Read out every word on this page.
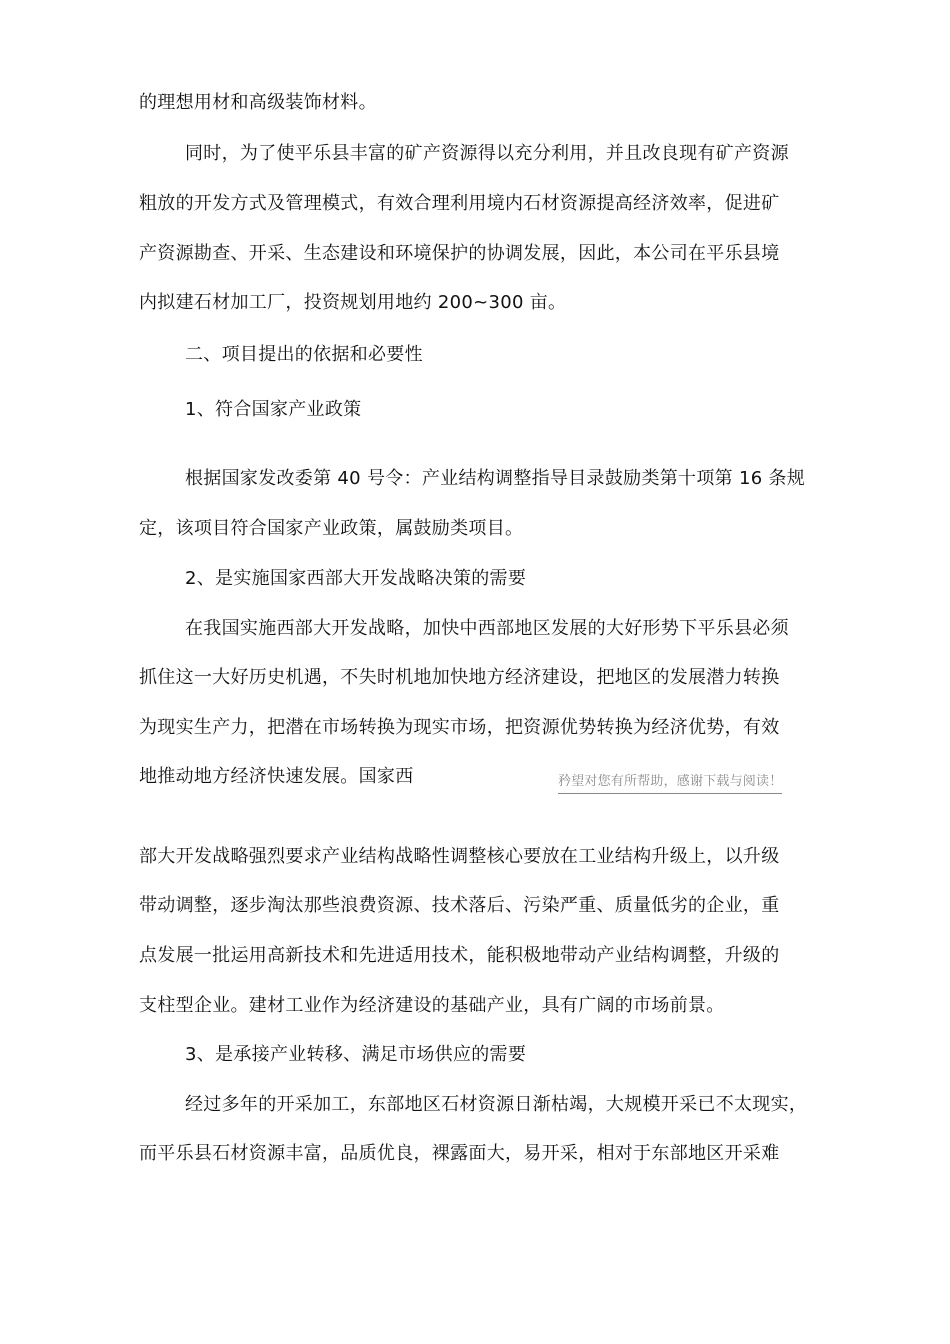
的理想用材和高级装饰材料。
同时，为了使平乐县丰富的矿产资源得以充分利用，并且改良现有矿产资源
粗放的开发方式及管理模式，有效合理利用境内石材资源提高经济效率，促进矿
产资源勘查、开采、生态建设和环境保护的协调发展，因此，本公司在平乐县境
内拟建石材加工厂，投资规划用地约 200~300 亩。
二、项目提出的依据和必要性
1、符合国家产业政策
根据国家发改委第 40 号令：产业结构调整指导目录鼓励类第十项第 16 条规
定，该项目符合国家产业政策，属鼓励类项目。
2、是实施国家西部大开发战略决策的需要
在我国实施西部大开发战略，加快中西部地区发展的大好形势下平乐县必须
抓住这一大好历史机遇，不失时机地加快地方经济建设，把地区的发展潜力转换
为现实生产力，把潜在市场转换为现实市场，把资源优势转换为经济优势，有效
地推动地方经济快速发展。国家西	矜望对您有所帮助，感谢下载与阅读！
部大开发战略强烈要求产业结构战略性调整核心要放在工业结构升级上，以升级
带动调整，逐步淘汰那些浪费资源、技术落后、污染严重、质量低劣的企业，重
点发展一批运用高新技术和先进适用技术，能积极地带动产业结构调整，升级的
支柱型企业。建材工业作为经济建设的基础产业，具有广阔的市场前景。
3、是承接产业转移、满足市场供应的需要
经过多年的开采加工，东部地区石材资源日渐枯竭，大规模开采已不太现实，
而平乐县石材资源丰富，品质优良，裸露面大，易开采，相对于东部地区开采难
